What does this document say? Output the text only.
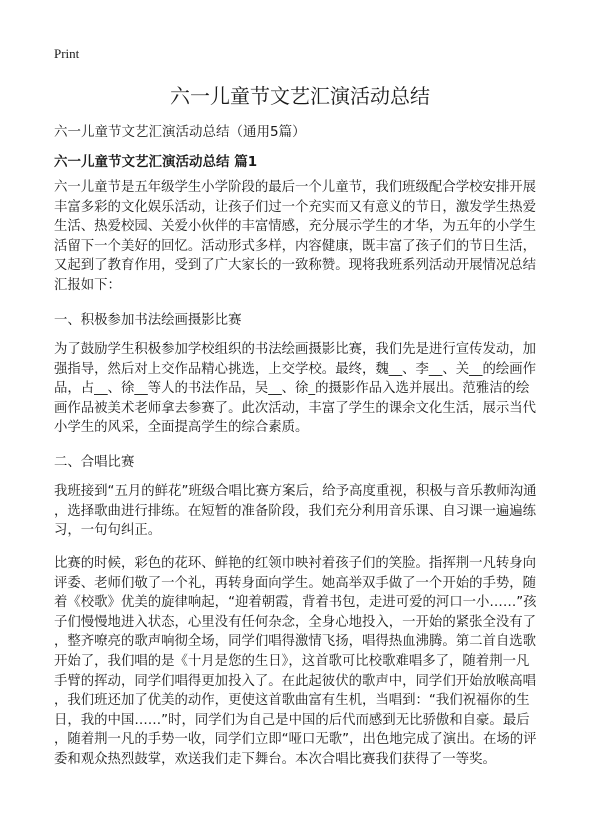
Print
六一儿童节文艺汇演活动总结
六一儿童节文艺汇演活动总结（通用5篇）
六一儿童节文艺汇演活动总结 篇1
六一儿童节是五年级学生小学阶段的最后一个儿童节，我们班级配合学校安排开展
丰富多彩的文化娱乐活动，让孩子们过一个充实而又有意义的节日，激发学生热爱
生活、热爱校园、关爱小伙伴的丰富情感，充分展示学生的才华，为五年的小学生
活留下一个美好的回忆。活动形式多样，内容健康，既丰富了孩子们的节日生活，
又起到了教育作用，受到了广大家长的一致称赞。现将我班系列活动开展情况总结
汇报如下：
一、积极参加书法绘画摄影比赛
为了鼓励学生积极参加学校组织的书法绘画摄影比赛，我们先是进行宣传发动，加
强指导，然后对上交作品精心挑选，上交学校。最终，魏__、李__、关__的绘画作
品，占__、徐__等人的书法作品，吴__、徐_的摄影作品入选并展出。范雅洁的绘
画作品被美术老师拿去参赛了。此次活动，丰富了学生的课余文化生活，展示当代
小学生的风采，全面提高学生的综合素质。
二、合唱比赛
我班接到“五月的鲜花”班级合唱比赛方案后，给予高度重视，积极与音乐教师沟通
，选择歌曲进行排练。在短暂的准备阶段，我们充分利用音乐课、自习课一遍遍练
习，一句句纠正。
比赛的时候，彩色的花环、鲜艳的红领巾映衬着孩子们的笑脸。指挥荆一凡转身向
评委、老师们敬了一个礼，再转身面向学生。她高举双手做了一个开始的手势，随
着《校歌》优美的旋律响起，“迎着朝霞，背着书包，走进可爱的河口一小……”孩
子们慢慢地进入状态，心里没有任何杂念，全身心地投入，一开始的紧张全没有了
，整齐嘹亮的歌声响彻全场，同学们唱得激情飞扬，唱得热血沸腾。第二首自选歌
开始了，我们唱的是《十月是您的生日》，这首歌可比校歌难唱多了，随着荆一凡
手臂的挥动，同学们唱得更加投入了。在此起彼伏的歌声中，同学们开始放喉高唱
，我们班还加了优美的动作，更使这首歌曲富有生机，当唱到：“我们祝福你的生
日，我的中国……”时，同学们为自己是中国的后代而感到无比骄傲和自豪。最后
，随着荆一凡的手势一收，同学们立即“哑口无歌”，出色地完成了演出。在场的评
委和观众热烈鼓掌，欢送我们走下舞台。本次合唱比赛我们获得了一等奖。
